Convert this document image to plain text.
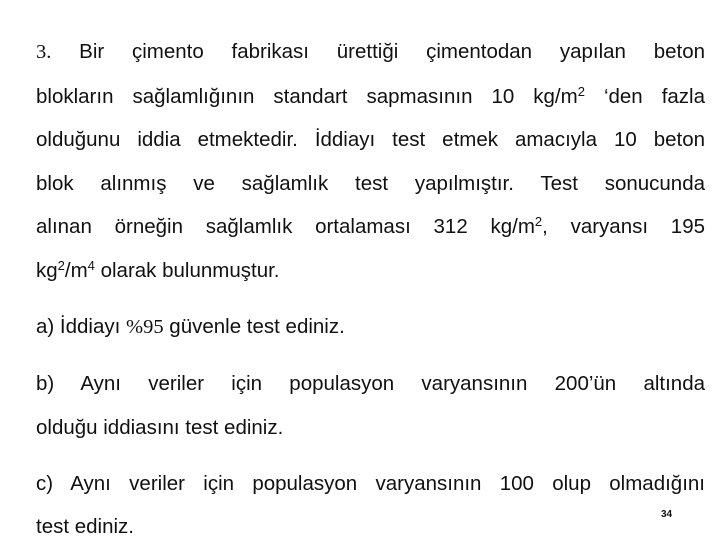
3. Bir çimento fabrikası ürettiği çimentodan yapılan beton
blokların sağlamlığının standart sapmasının 10 $kg/m^2$ ‘den fazla
olduğunu iddia etmektedir. İddiayı test etmek amacıyla 10 beton
blok alınmış ve sağlamlık test yapılmıştır. Test sonucunda
alınan örneğin sağlamlık ortalaması 312 $kg/m^2$, varyansı 195
$kg^2/m^4$ olarak bulunmuştur.
a) İddiayı %95 güvenle test ediniz.
b) Aynı veriler için populasyon varyansının 200’ün altında
olduğu iddiasını test ediniz.
c) Aynı veriler için populasyon varyansının 100 olup olmadığını
test ediniz.
34
